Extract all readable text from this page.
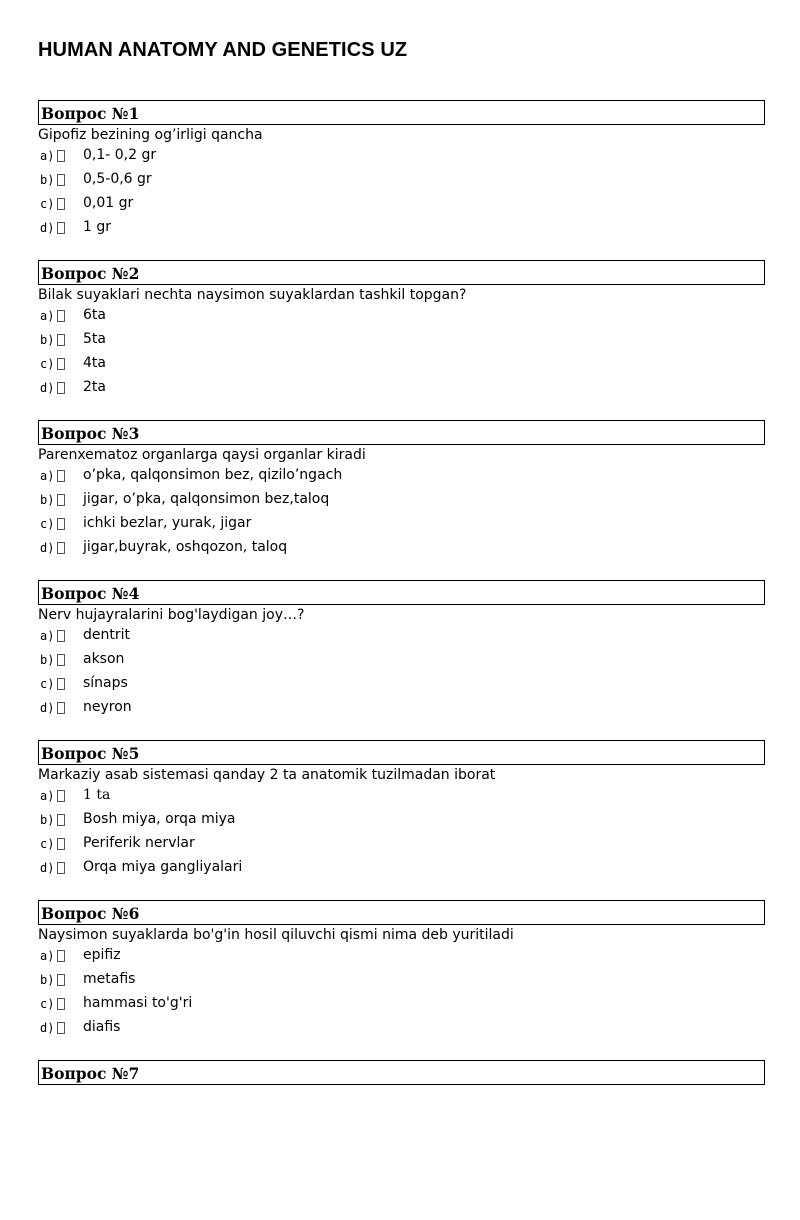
HUMAN ANATOMY AND GENETICS UZ
Вопрос №1
Gipofiz bezining og’irligi qancha
a) 0,1- 0,2 gr
b) 0,5-0,6 gr
c) 0,01 gr
d) 1 gr
Вопрос №2
Bilak suyaklari nechta naysimon suyaklardan tashkil topgan?
a) 6ta
b) 5ta
c) 4ta
d) 2ta
Вопрос №3
Parenxematoz organlarga qaysi organlar kiradi
a) o’pka, qalqonsimon bez, qizilo’ngach
b) jigar, o’pka, qalqonsimon bez,taloq
c) ichki bezlar, yurak, jigar
d) jigar,buyrak, oshqozon, taloq
Вопрос №4
Nerv hujayralarini bog'laydigan joy…?
a) dentrit
b) akson
c) sínaps
d) neyron
Вопрос №5
Markaziy asab sistemasi qanday 2 ta anatomik tuzilmadan iborat
a) 1 ta
b) Bosh miya, orqa miya
c) Periferik nervlar
d) Orqa miya gangliyalari
Вопрос №6
Naysimon suyaklarda bo'g'in hosil qiluvchi qismi nima deb yuritiladi
a) epifiz
b) metafis
c) hammasi to'g'ri
d) diafis
Вопрос №7
